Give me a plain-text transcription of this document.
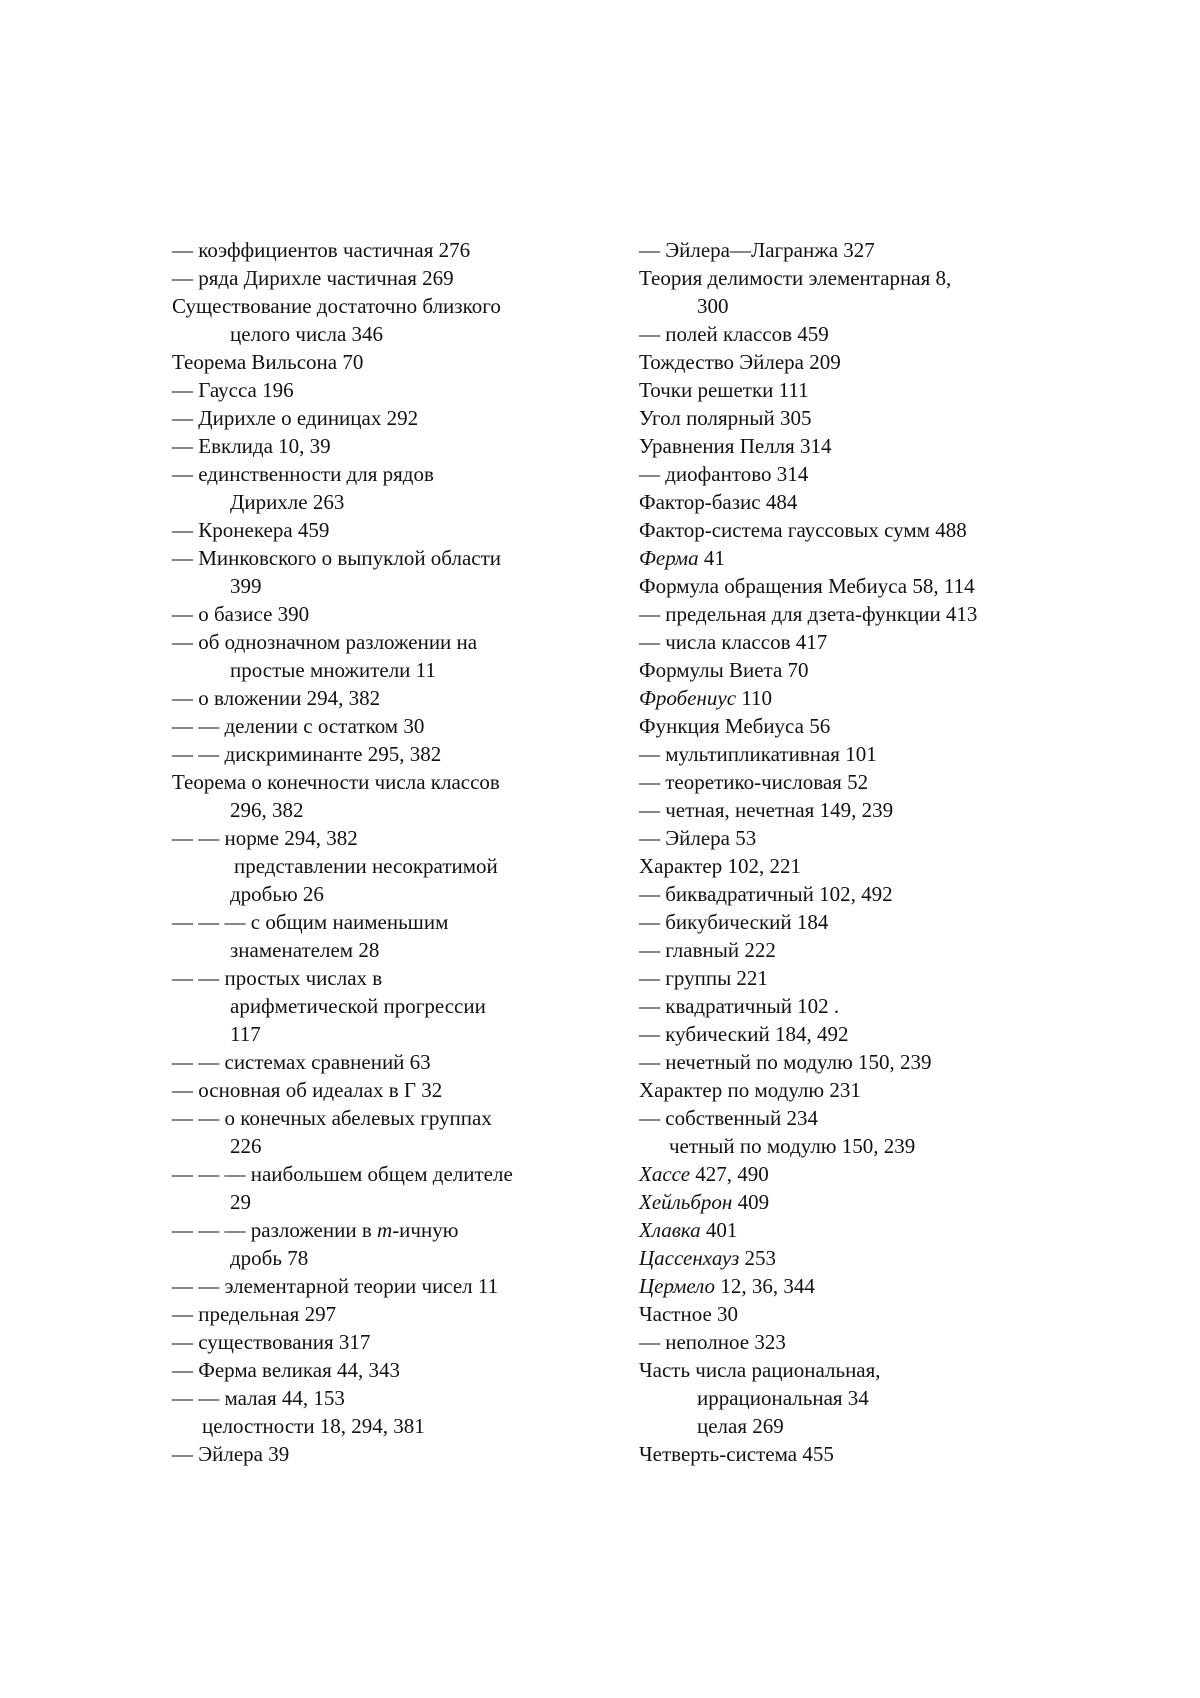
— коэффициентов частичная 276
— ряда Дирихле частичная 269
Существование достаточно близкого
целого числа 346
Теорема Вильсона 70
— Гаусса 196
— Дирихле о единицах 292
— Евклида 10, 39
— единственности для рядов
Дирихле 263
— Кронекера 459
— Минковского о выпуклой области
399
— о базисе 390
— об однозначном разложении на
простые множители 11
— о вложении 294, 382
— — делении с остатком 30
— — дискриминанте 295, 382
Теорема о конечности числа классов
296, 382
— — норме 294, 382
представлении несократимой
дробью 26
— — — с общим наименьшим
знаменателем 28
— — простых числах в
арифметической прогрессии
117
— — системах сравнений 63
— основная об идеалах в Г 32
— — о конечных абелевых группах
226
— — — наибольшем общем делителе
29
— — — разложении в m-ичную
дробь 78
— — элементарной теории чисел 11
— предельная 297
— существования 317
— Ферма великая 44, 343
— — малая 44, 153
целостности 18, 294, 381
— Эйлера 39
— Эйлера—Лагранжа 327
Теория делимости элементарная 8,
300
— полей классов 459
Тождество Эйлера 209
Точки решетки 111
Угол полярный 305
Уравнения Пелля 314
— диофантово 314
Фактор-базис 484
Фактор-система гауссовых сумм 488
Ферма 41
Формула обращения Мебиуса 58, 114
— предельная для дзета-функции 413
— числа классов 417
Формулы Виета 70
Фробениус 110
Функция Мебиуса 56
— мультипликативная 101
— теоретико-числовая 52
— четная, нечетная 149, 239
— Эйлера 53
Характер 102, 221
— биквадратичный 102, 492
— бикубический 184
— главный 222
— группы 221
— квадратичный 102 .
— кубический 184, 492
— нечетный по модулю 150, 239
Характер по модулю 231
— собственный 234
четный по модулю 150, 239
Хассе 427, 490
Хейльброн 409
Хлавка 401
Цассенхауз 253
Цермело 12, 36, 344
Частное 30
— неполное 323
Часть числа рациональная,
иррациональная 34
целая 269
Четверть-система 455
